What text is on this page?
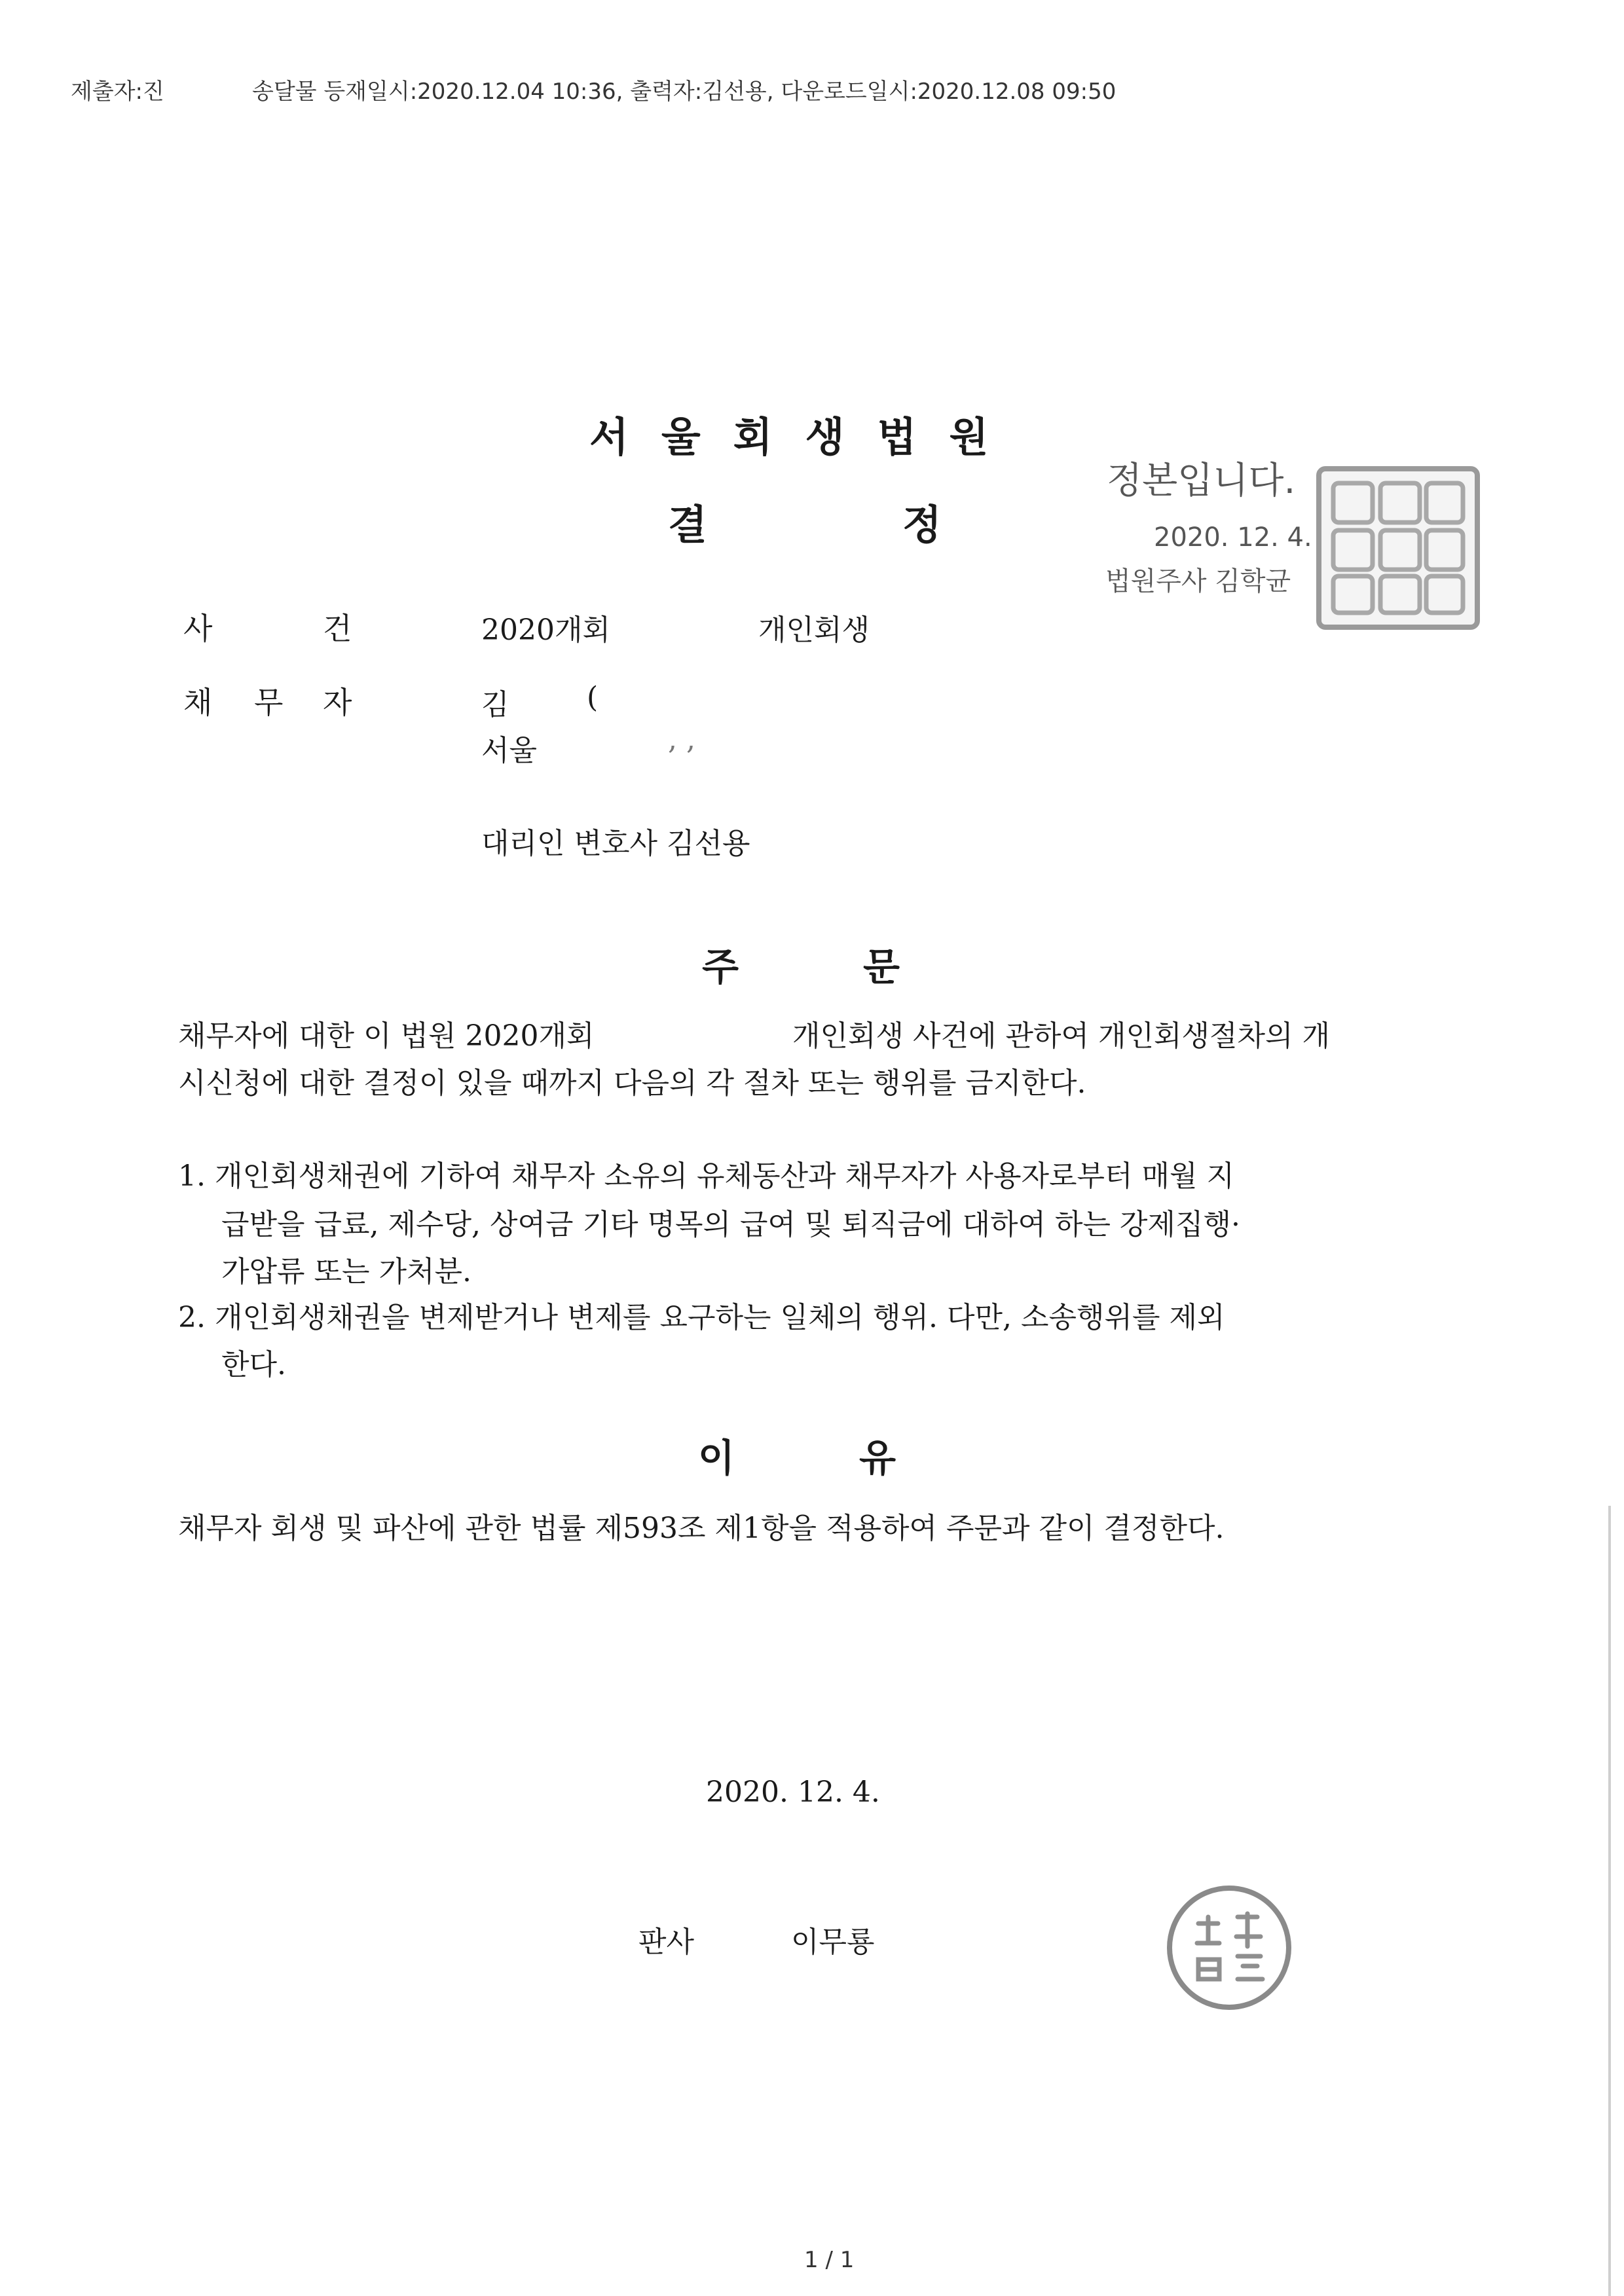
제출자:진	송달물 등재일시:2020.12.04 10:36, 출력자:김선용, 다운로드일시:2020.12.08 09:50
서울회생법원
결	정
정본입니다.
2020. 12. 4.
법원주사 김학균
사	건	2020개회	개인회생
채 무 자	김	(
서울	, ,
대리인 변호사 김선용
주	문
채무자에 대한 이 법원 2020개회	개인회생 사건에 관하여 개인회생절차의 개
시신청에 대한 결정이 있을 때까지 다음의 각 절차 또는 행위를 금지한다.
1. 개인회생채권에 기하여 채무자 소유의 유체동산과 채무자가 사용자로부터 매월 지
급받을 급료, 제수당, 상여금 기타 명목의 급여 및 퇴직금에 대하여 하는 강제집행·
가압류 또는 가처분.
2. 개인회생채권을 변제받거나 변제를 요구하는 일체의 행위. 다만, 소송행위를 제외
한다.
이	유
채무자 회생 및 파산에 관한 법률 제593조 제1항을 적용하여 주문과 같이 결정한다.
2020. 12. 4.
판사	이무룡
1 / 1
